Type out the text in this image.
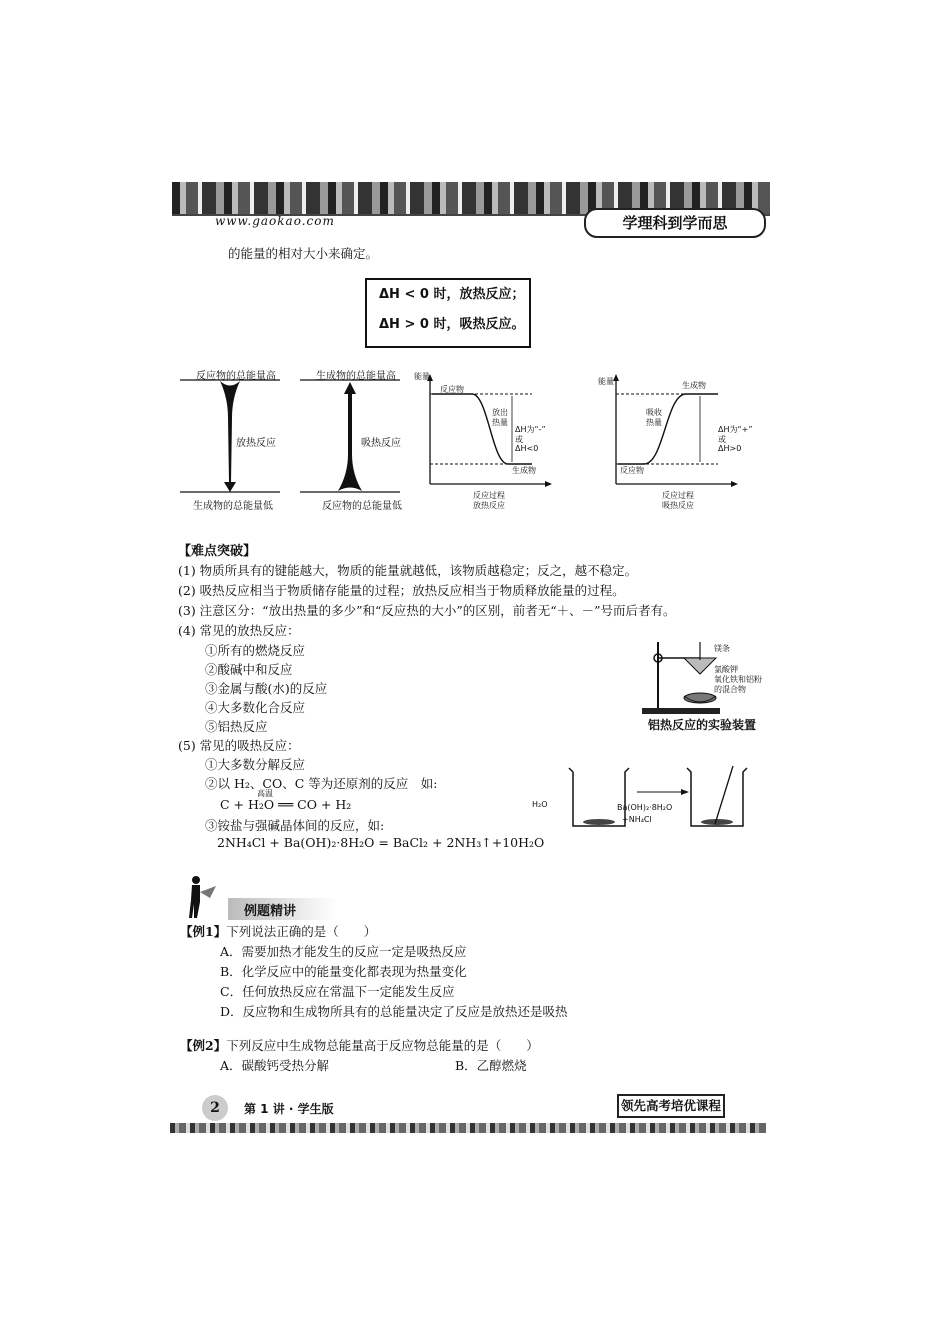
www.gaokao.com	学理科到学而思
的能量的相对大小来确定。
ΔH < 0 时，放热反应；
ΔH > 0 时，吸热反应。
反应物的总能量高
放热反应
生成物的总能量低
生成物的总能量高
吸热反应
反应物的总能量低
能量
反应物
放出
热量
ΔH为“-”
或
ΔH<0
生成物
反应过程
放热反应
能量	生成物
吸收
热量
ΔH为“+”
或
ΔH>0
反应物
反应过程
吸热反应
【难点突破】
(1) 物质所具有的键能越大，物质的能量就越低，该物质越稳定；反之，越不稳定。
(2) 吸热反应相当于物质储存能量的过程；放热反应相当于物质释放能量的过程。
(3) 注意区分：“放出热量的多少”和“反应热的大小”的区别，前者无“＋、－”号而后者有。
(4) 常见的放热反应：
①所有的燃烧反应
②酸碱中和反应
③金属与酸(水)的反应
④大多数化合反应
⑤铝热反应
(5) 常见的吸热反应：
①大多数分解反应
②以 H₂、CO、C 等为还原剂的反应　如:
高温
C + H₂O ══ CO + H₂
③铵盐与强碱晶体间的反应，如:
2NH₄Cl + Ba(OH)₂·8H₂O = BaCl₂ + 2NH₃↑+10H₂O
镁条
氯酸钾
氧化铁和铝粉
的混合物
铝热反应的实验装置
H₂O	Ba(OH)₂·8H₂O
+NH₄Cl
例题精讲
【例1】下列说法正确的是（　　）
A．需要加热才能发生的反应一定是吸热反应
B．化学反应中的能量变化都表现为热量变化
C．任何放热反应在常温下一定能发生反应
D．反应物和生成物所具有的总能量决定了反应是放热还是吸热
【例2】下列反应中生成物总能量高于反应物总能量的是（　　）
A．碳酸钙受热分解	B．乙醇燃烧
2	第 1 讲 · 学生版	领先高考培优课程
